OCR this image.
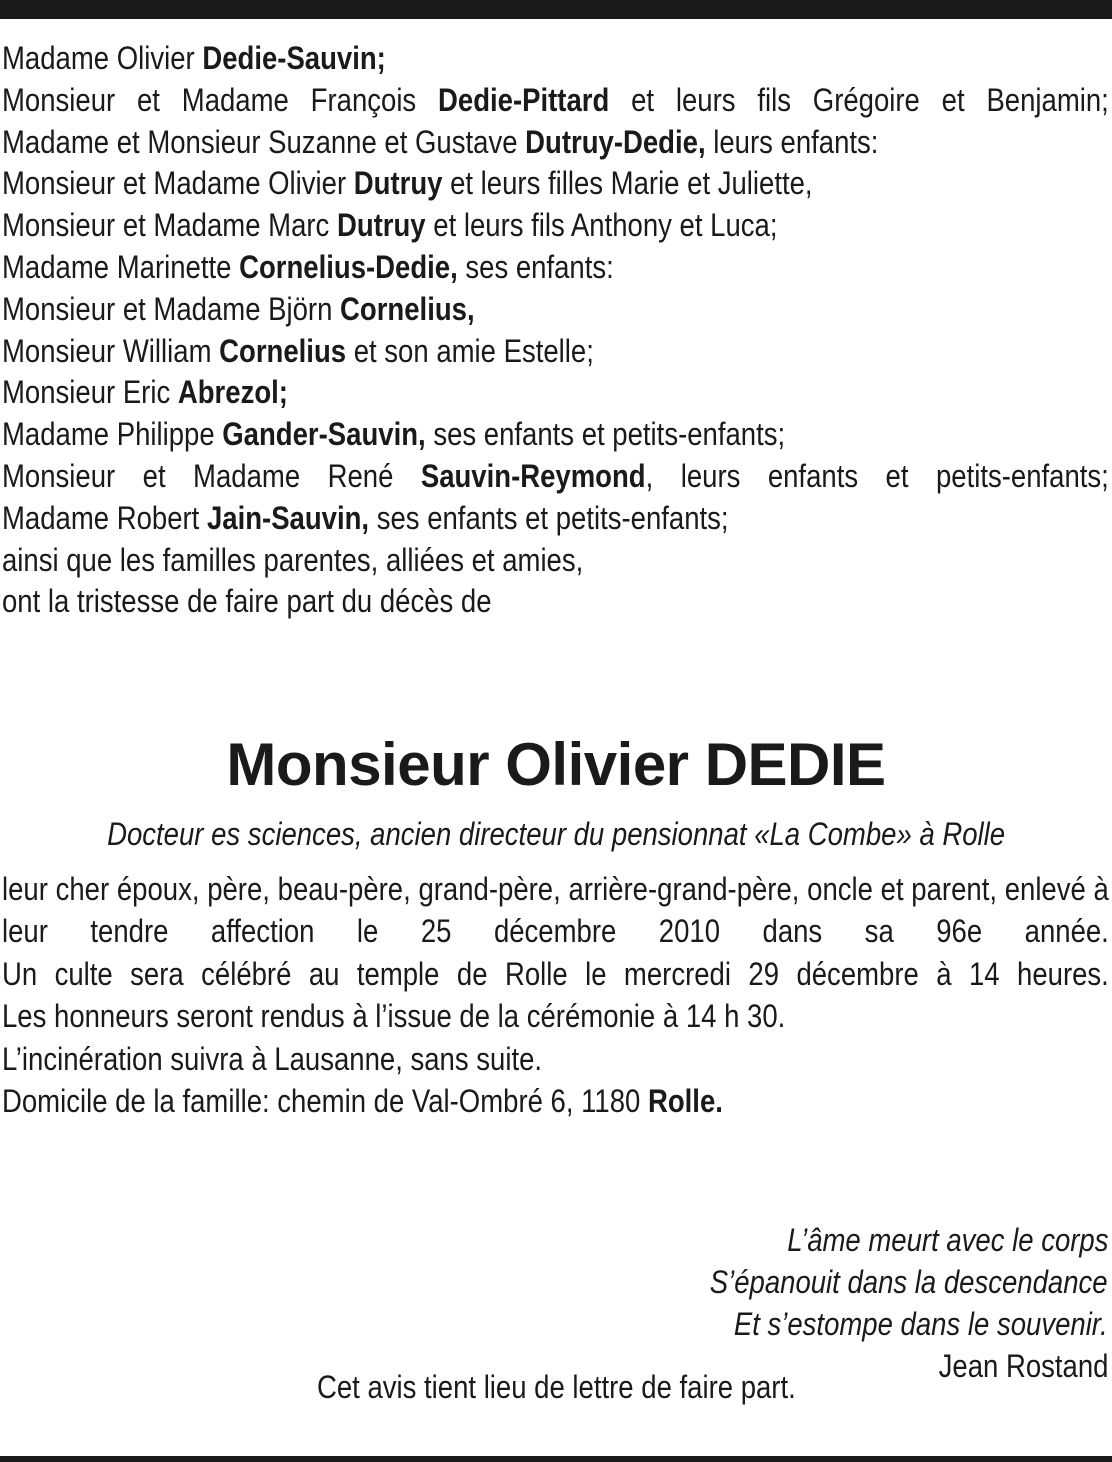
Madame Olivier Dedie-Sauvin;
Monsieur et Madame François Dedie-Pittard et leurs fils Grégoire et Benjamin;
Madame et Monsieur Suzanne et Gustave Dutruy-Dedie, leurs enfants:
Monsieur et Madame Olivier Dutruy et leurs filles Marie et Juliette,
Monsieur et Madame Marc Dutruy et leurs fils Anthony et Luca;
Madame Marinette Cornelius-Dedie, ses enfants:
Monsieur et Madame Björn Cornelius,
Monsieur William Cornelius et son amie Estelle;
Monsieur Eric Abrezol;
Madame Philippe Gander-Sauvin, ses enfants et petits-enfants;
Monsieur et Madame René Sauvin-Reymond, leurs enfants et petits-enfants;
Madame Robert Jain-Sauvin, ses enfants et petits-enfants;
ainsi que les familles parentes, alliées et amies,
ont la tristesse de faire part du décès de
Monsieur Olivier DEDIE
Docteur es sciences, ancien directeur du pensionnat «La Combe» à Rolle
leur cher époux, père, beau-père, grand-père, arrière-grand-père, oncle et parent, enlevé à leur tendre affection le 25 décembre 2010 dans sa 96e année.
Un culte sera célébré au temple de Rolle le mercredi 29 décembre à 14 heures.
Les honneurs seront rendus à l’issue de la cérémonie à 14 h 30.
L’incinération suivra à Lausanne, sans suite.
Domicile de la famille: chemin de Val-Ombré 6, 1180 Rolle.
L’âme meurt avec le corps
S’épanouit dans la descendance
Et s’estompe dans le souvenir.
Jean Rostand
Cet avis tient lieu de lettre de faire part.
